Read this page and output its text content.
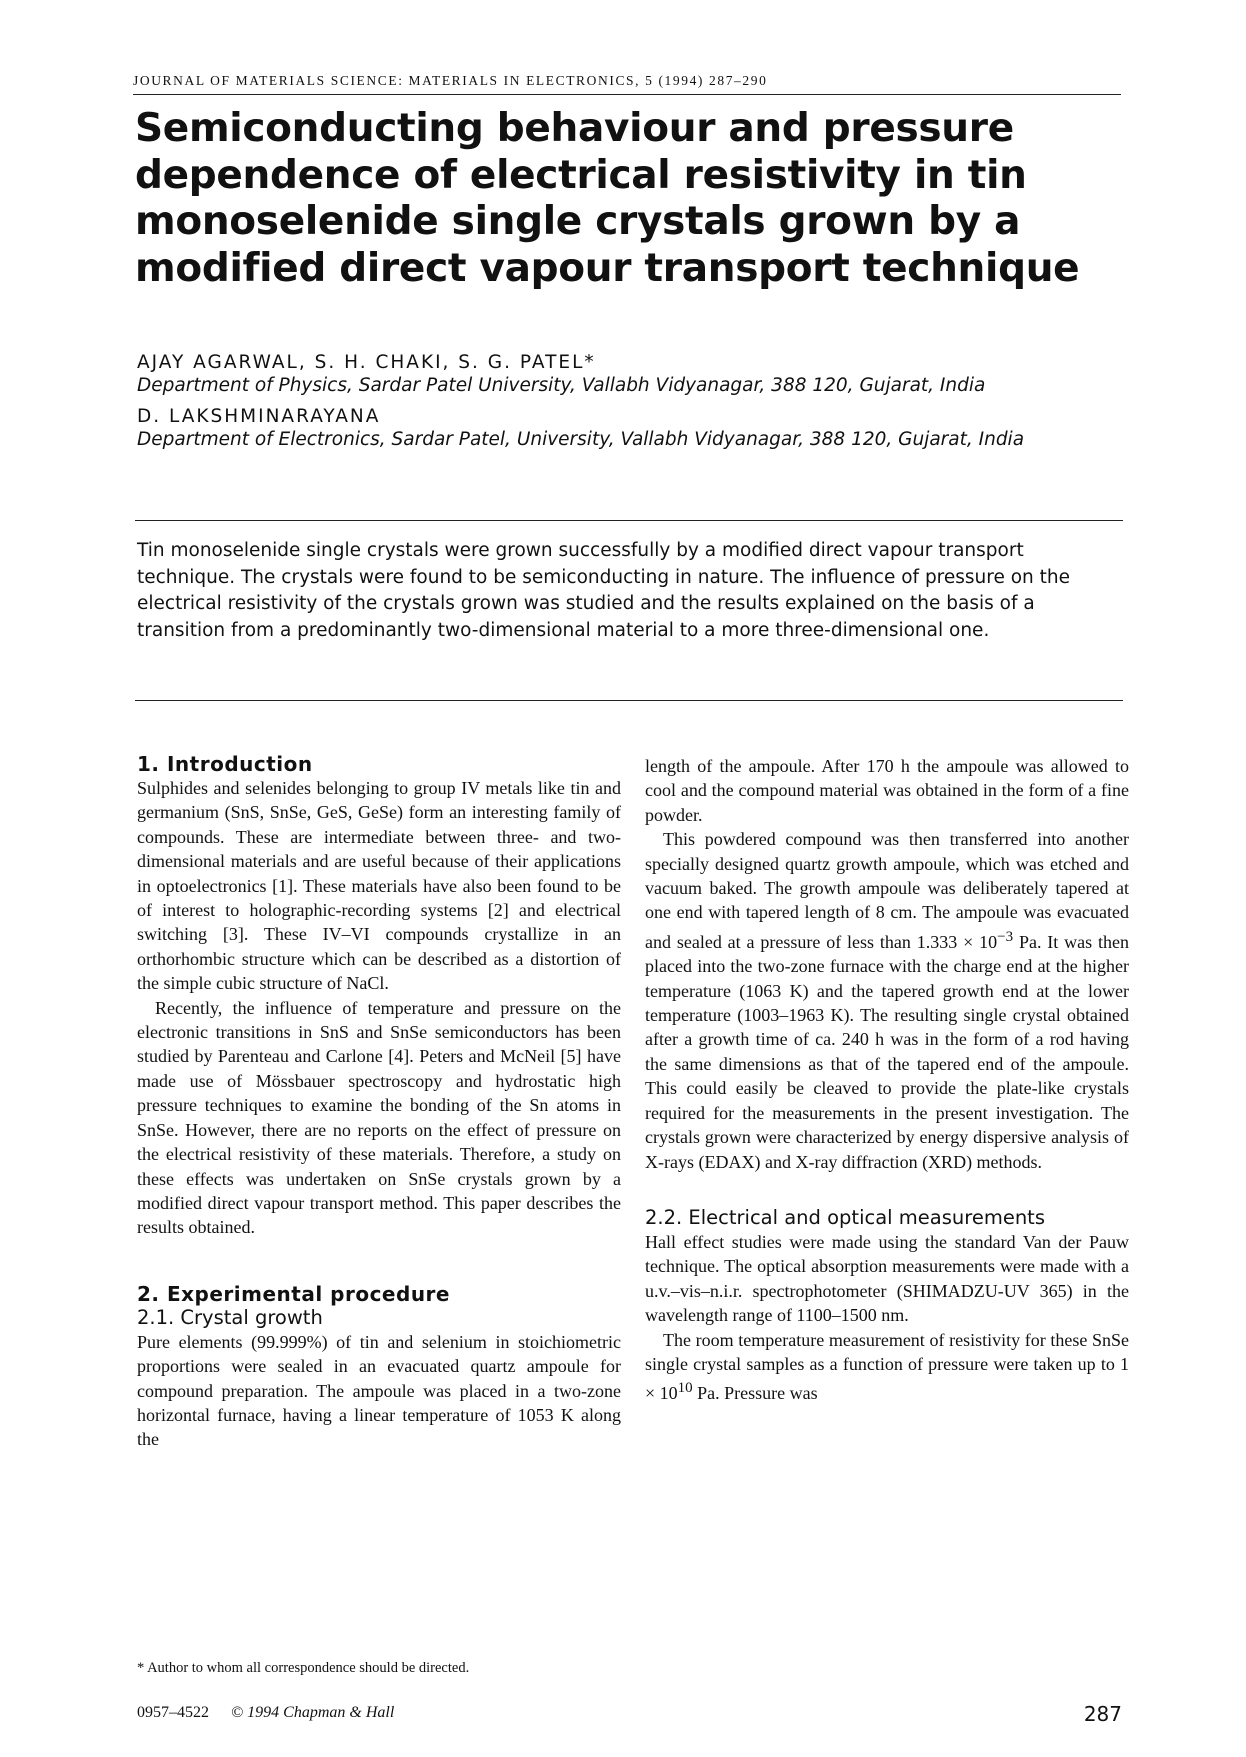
JOURNAL OF MATERIALS SCIENCE: MATERIALS IN ELECTRONICS, 5 (1994) 287–290
Semiconducting behaviour and pressure
dependence of electrical resistivity in tin
monoselenide single crystals grown by a
modified direct vapour transport technique
AJAY AGARWAL, S. H. CHAKI, S. G. PATEL*
Department of Physics, Sardar Patel University, Vallabh Vidyanagar, 388 120, Gujarat, India
D. LAKSHMINARAYANA
Department of Electronics, Sardar Patel, University, Vallabh Vidyanagar, 388 120, Gujarat, India

Tin monoselenide single crystals were grown successfully by a modified direct vapour transport technique. The crystals were found to be semiconducting in nature. The influence of pressure on the electrical resistivity of the crystals grown was studied and the results explained on the basis of a transition from a predominantly two-dimensional material to a more three-dimensional one.

1. Introduction

Sulphides and selenides belonging to group IV metals like tin and germanium (SnS, SnSe, GeS, GeSe) form an interesting family of compounds. These are intermediate between three- and two-dimensional materials and are useful because of their applications in optoelectronics [1]. These materials have also been found to be of interest to holographic-recording systems [2] and electrical switching [3]. These IV–VI compounds crystallize in an orthorhombic structure which can be described as a distortion of the simple cubic structure of NaCl.

Recently, the influence of temperature and pressure on the electronic transitions in SnS and SnSe semiconductors has been studied by Parenteau and Carlone [4]. Peters and McNeil [5] have made use of Mössbauer spectroscopy and hydrostatic high pressure techniques to examine the bonding of the Sn atoms in SnSe. However, there are no reports on the effect of pressure on the electrical resistivity of these materials. Therefore, a study on these effects was undertaken on SnSe crystals grown by a modified direct vapour transport method. This paper describes the results obtained.

2. Experimental procedure
2.1. Crystal growth

Pure elements (99.999%) of tin and selenium in stoichiometric proportions were sealed in an evacuated quartz ampoule for compound preparation. The ampoule was placed in a two-zone horizontal furnace, having a linear temperature of 1053 K along the

length of the ampoule. After 170 h the ampoule was allowed to cool and the compound material was obtained in the form of a fine powder.

This powdered compound was then transferred into another specially designed quartz growth ampoule, which was etched and vacuum baked. The growth ampoule was deliberately tapered at one end with tapered length of 8 cm. The ampoule was evacuated and sealed at a pressure of less than $1.333 \times 10^{-3}$ Pa. It was then placed into the two-zone furnace with the charge end at the higher temperature (1063 K) and the tapered growth end at the lower temperature (1003–1963 K). The resulting single crystal obtained after a growth time of ca. 240 h was in the form of a rod having the same dimensions as that of the tapered end of the ampoule. This could easily be cleaved to provide the plate-like crystals required for the measurements in the present investigation. The crystals grown were characterized by energy dispersive analysis of X-rays (EDAX) and X-ray diffraction (XRD) methods.

2.2. Electrical and optical measurements

Hall effect studies were made using the standard Van der Pauw technique. The optical absorption measurements were made with a u.v.–vis–n.i.r. spectrophotometer (SHIMADZU-UV 365) in the wavelength range of 1100–1500 nm.

The room temperature measurement of resistivity for these SnSe single crystal samples as a function of pressure were taken up to $1 \times 10^{10}$ Pa. Pressure was

* Author to whom all correspondence should be directed.
0957–4522 © 1994 Chapman & Hall	287
